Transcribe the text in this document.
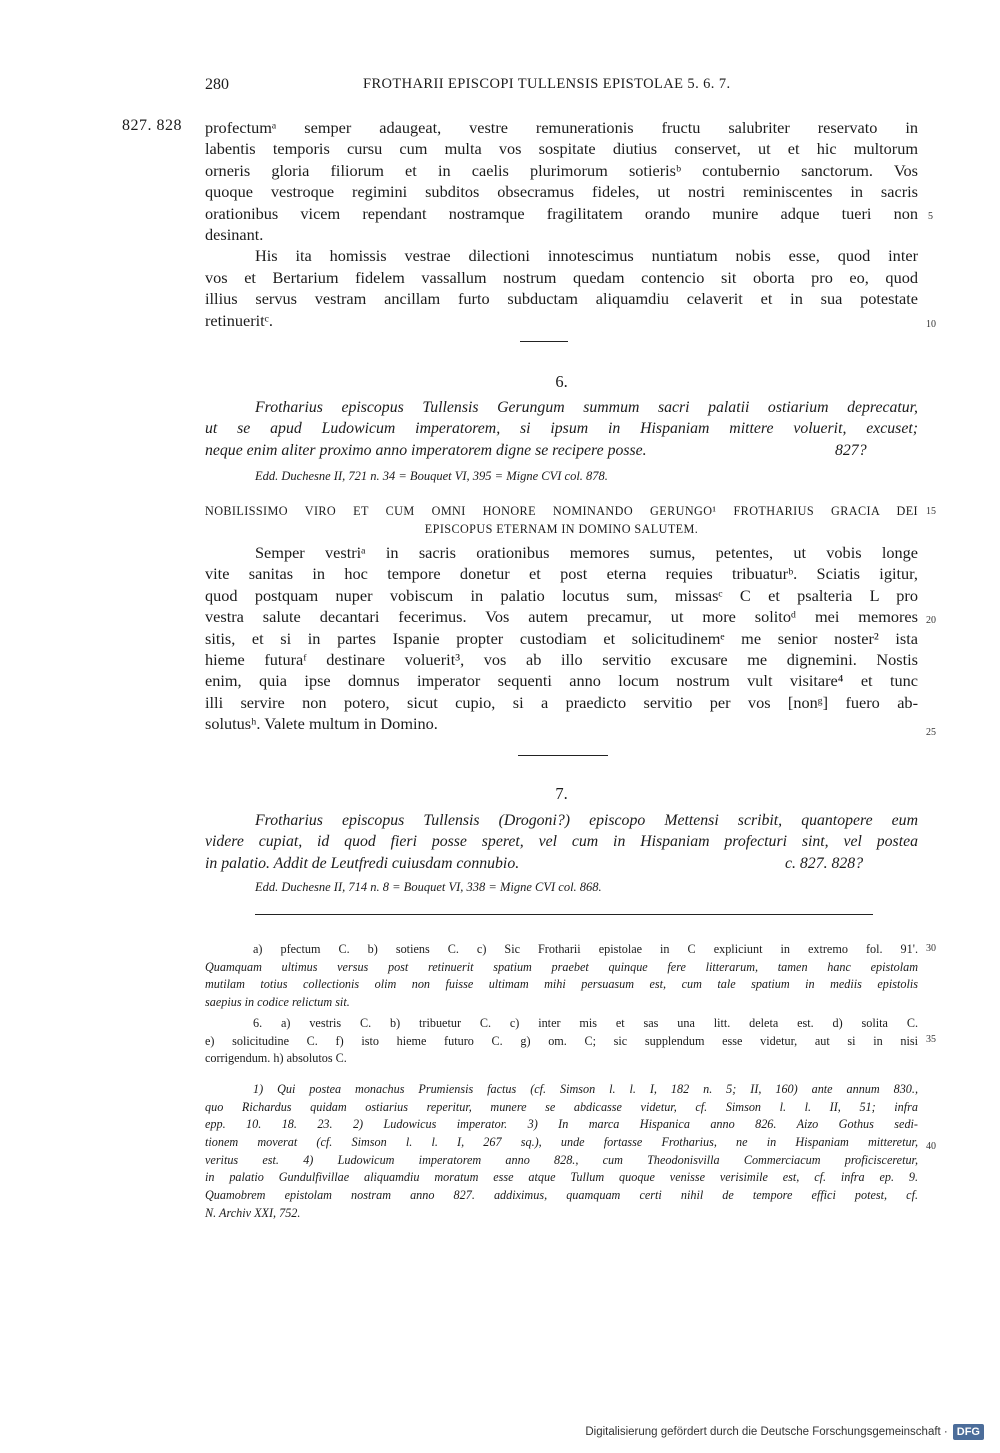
280	FROTHARII EPISCOPI TULLENSIS EPISTOLAE 5. 6. 7.
827. 828 profectumᵃ semper adaugeat, vestre remunerationis fructu salubriter reservato in
labentis temporis cursu cum multa vos sospitate diutius conservet, ut et hic multorum
orneris gloria filiorum et in caelis plurimorum sotierisᵇ contubernio sanctorum. Vos
quoque vestroque regimini subditos obsecramus fideles, ut nostri reminiscentes in sacris
orationibus vicem rependant nostramque fragilitatem orando munire adque tueri non
desinant.
His ita homissis vestrae dilectioni innotescimus nuntiatum nobis esse, quod inter
vos et Bertarium fidelem vassallum nostrum quedam contencio sit oborta pro eo, quod
illius servus vestram ancillam furto subductam aliquamdiu celaverit et in sua potestate
retinueritᶜ.
6.
Frotharius episcopus Tullensis Gerungum summum sacri palatii ostiarium deprecatur,
ut se apud Ludowicum imperatorem, si ipsum in Hispaniam mittere voluerit, excuset;
neque enim aliter proximo anno imperatorem digne se recipere posse.	827?
Edd. Duchesne II, 721 n. 34 = Bouquet VI, 395 = Migne CVI col. 878.
NOBILISSIMO VIRO ET CUM OMNI HONORE NOMINANDO GERUNGO¹ FROTHARIUS GRACIA DEI
EPISCOPUS ETERNAM IN DOMINO SALUTEM.
Semper vestriᵃ in sacris orationibus memores sumus, petentes, ut vobis longe
vite sanitas in hoc tempore donetur et post eterna requies tribuaturᵇ. Sciatis igitur,
quod postquam nuper vobiscum in palatio locutus sum, missasᶜ C et psalteria L pro
vestra salute decantari fecerimus. Vos autem precamur, ut more solitoᵈ mei memores
sitis, et si in partes Ispanie propter custodiam et solicitudinemᵉ me senior noster² ista
hieme futuraᶠ destinare voluerit³, vos ab illo servitio excusare me dignemini. Nostis
enim, quia ipse domnus imperator sequenti anno locum nostrum vult visitare⁴ et tunc
illi servire non potero, sicut cupio, si a praedicto servitio per vos [nonᵍ] fuero ab-
solutusʰ. Valete multum in Domino.
7.
Frotharius episcopus Tullensis (Drogoni?) episcopo Mettensi scribit, quantopere eum
videre cupiat, id quod fieri posse speret, vel cum in Hispaniam profecturi sint, vel postea
in palatio. Addit de Leutfredi cuiusdam connubio.	c. 827. 828?
Edd. Duchesne II, 714 n. 8 = Bouquet VI, 338 = Migne CVI col. 868.
a) pfectum C. b) sotiens C. c) Sic Frotharii epistolae in C expliciunt in extremo fol. 91'.
Quamquam ultimus versus post retinuerit spatium praebet quinque fere litterarum, tamen hanc epistolam
mutilam totius collectionis olim non fuisse ultimam mihi persuasum est, cum tale spatium in mediis epistolis
saepius in codice relictum sit.
6. a) vestris C. b) tribuetur C. c) inter mis et sas una litt. deleta est. d) solita C.
e) solicitudine C. f) isto hieme futuro C. g) om. C; sic supplendum esse videtur, aut si in nisi
corrigendum. h) absolutos C.
1) Qui postea monachus Prumiensis factus (cf. Simson l. l. I, 182 n. 5; II, 160) ante annum 830.,
quo Richardus quidam ostiarius reperitur, munere se abdicasse videtur, cf. Simson l. l. II, 51; infra
epp. 10. 18. 23. 2) Ludowicus imperator. 3) In marca Hispanica anno 826. Aizo Gothus sedi-
tionem moverat (cf. Simson l. l. I, 267 sq.), unde fortasse Frotharius, ne in Hispaniam mitteretur,
veritus est. 4) Ludowicum imperatorem anno 828., cum Theodonisvilla Commerciacum proficisceretur,
in palatio Gundulfivillae aliquamdiu moratum esse atque Tullum quoque venisse verisimile est, cf. infra ep. 9.
Quamobrem epistolam nostram anno 827. addiximus, quamquam certi nihil de tempore effici potest, cf.
N. Archiv XXI, 752.
5
10
15
20
25
30
35
40
Digitalisierung gefördert durch die Deutsche Forschungsgemeinschaft · DFG
